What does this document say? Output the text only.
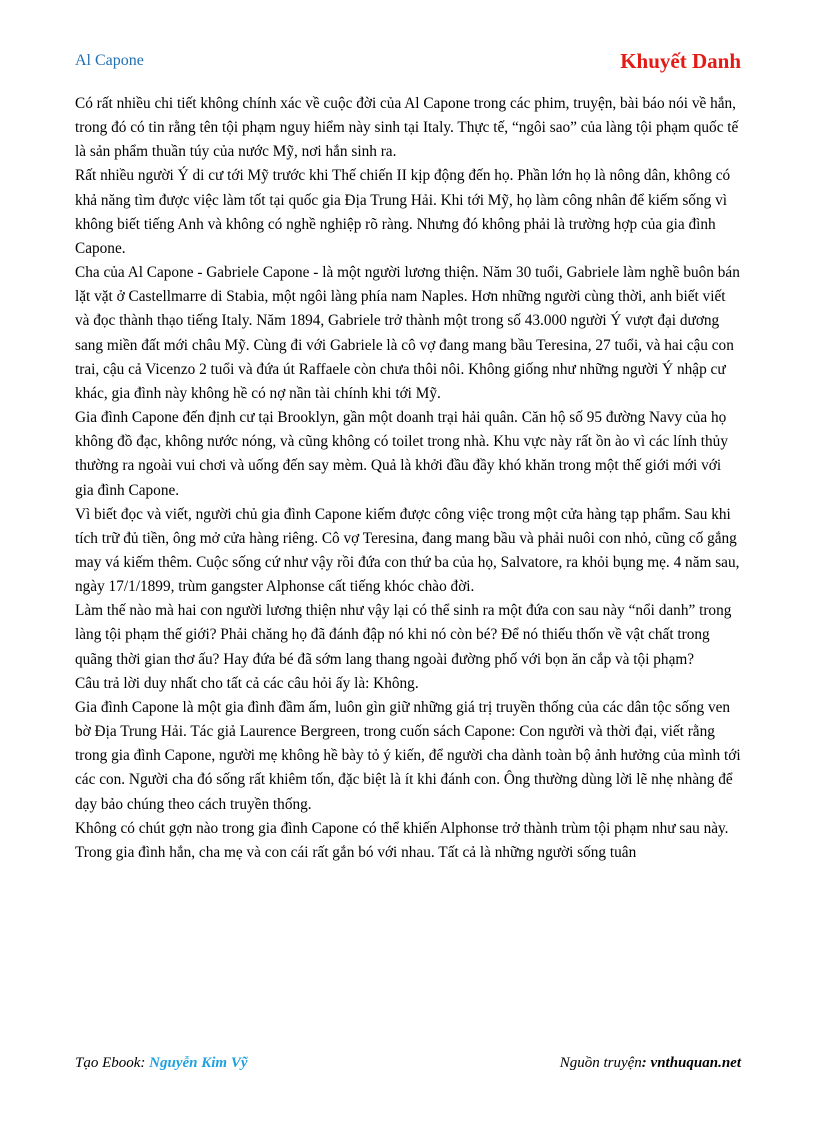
Al Capone	Khuyết Danh

Có rất nhiều chi tiết không chính xác về cuộc đời của Al Capone trong các phim, truyện, bài báo nói về hắn, trong đó có tin rằng tên tội phạm nguy hiểm này sinh tại Italy. Thực tế, “ngôi sao” của làng tội phạm quốc tế là sản phẩm thuần túy của nước Mỹ, nơi hắn sinh ra.

Rất nhiều người Ý di cư tới Mỹ trước khi Thế chiến II kịp động đến họ. Phần lớn họ là nông dân, không có khả năng tìm được việc làm tốt tại quốc gia Địa Trung Hải. Khi tới Mỹ, họ làm công nhân để kiếm sống vì không biết tiếng Anh và không có nghề nghiệp rõ ràng. Nhưng đó không phải là trường hợp của gia đình Capone.

Cha của Al Capone - Gabriele Capone - là một người lương thiện. Năm 30 tuổi, Gabriele làm nghề buôn bán lặt vặt ở Castellmarre di Stabia, một ngôi làng phía nam Naples. Hơn những người cùng thời, anh biết viết và đọc thành thạo tiếng Italy. Năm 1894, Gabriele trở thành một trong số 43.000 người Ý vượt đại dương sang miền đất mới châu Mỹ. Cùng đi với Gabriele là cô vợ đang mang bầu Teresina, 27 tuổi, và hai cậu con trai, cậu cả Vicenzo 2 tuổi và đứa út Raffaele còn chưa thôi nôi. Không giống như những người Ý nhập cư khác, gia đình này không hề có nợ nần tài chính khi tới Mỹ.

Gia đình Capone đến định cư tại Brooklyn, gần một doanh trại hải quân. Căn hộ số 95 đường Navy của họ không đồ đạc, không nước nóng, và cũng không có toilet trong nhà. Khu vực này rất ồn ào vì các lính thủy thường ra ngoài vui chơi và uống đến say mèm. Quả là khởi đầu đầy khó khăn trong một thế giới mới với gia đình Capone.

Vì biết đọc và viết, người chủ gia đình Capone kiếm được công việc trong một cửa hàng tạp phẩm. Sau khi tích trữ đủ tiền, ông mở cửa hàng riêng. Cô vợ Teresina, đang mang bầu và phải nuôi con nhỏ, cũng cố gắng may vá kiếm thêm. Cuộc sống cứ như vậy rồi đứa con thứ ba của họ, Salvatore, ra khỏi bụng mẹ. 4 năm sau, ngày 17/1/1899, trùm gangster Alphonse cất tiếng khóc chào đời.

Làm thế nào mà hai con người lương thiện như vậy lại có thể sinh ra một đứa con sau này “nổi danh” trong làng tội phạm thế giới? Phải chăng họ đã đánh đập nó khi nó còn bé? Để nó thiếu thốn về vật chất trong quãng thời gian thơ ấu? Hay đứa bé đã sớm lang thang ngoài đường phố với bọn ăn cắp và tội phạm?

Câu trả lời duy nhất cho tất cả các câu hỏi ấy là: Không.

Gia đình Capone là một gia đình đầm ấm, luôn gìn giữ những giá trị truyền thống của các dân tộc sống ven bờ Địa Trung Hải. Tác giả Laurence Bergreen, trong cuốn sách Capone: Con người và thời đại, viết rằng trong gia đình Capone, người mẹ không hề bày tỏ ý kiến, để người cha dành toàn bộ ảnh hưởng của mình tới các con. Người cha đó sống rất khiêm tốn, đặc biệt là ít khi đánh con. Ông thường dùng lời lẽ nhẹ nhàng để dạy bảo chúng theo cách truyền thống.

Không có chút gợn nào trong gia đình Capone có thể khiến Alphonse trở thành trùm tội phạm như sau này. Trong gia đình hắn, cha mẹ và con cái rất gắn bó với nhau. Tất cả là những người sống tuân

Tạo Ebook: Nguyễn Kim Vỹ	Nguồn truyện: vnthuquan.net
